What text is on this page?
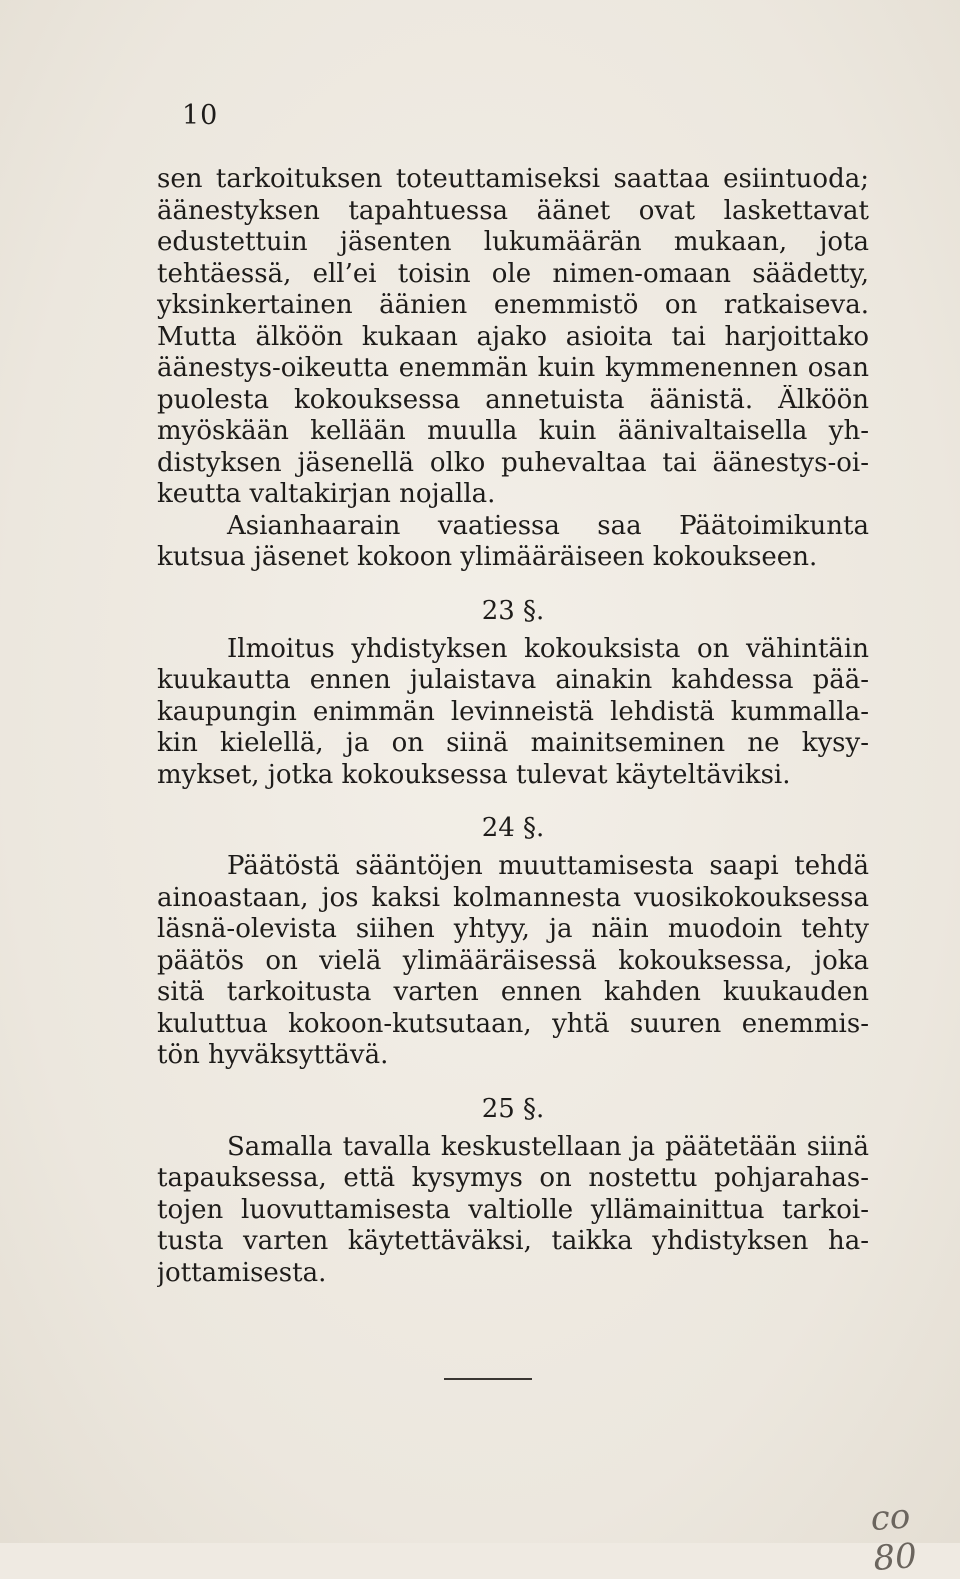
10
sen tarkoituksen toteuttamiseksi saattaa esiintuoda;
äänestyksen tapahtuessa äänet ovat laskettavat
edustettuin jäsenten lukumäärän mukaan, jota
tehtäessä, ell’ei toisin ole nimen-omaan säädetty,
yksinkertainen äänien enemmistö on ratkaiseva.
Mutta älköön kukaan ajako asioita tai harjoittako
äänestys-oikeutta enemmän kuin kymmenennen osan
puolesta kokouksessa annetuista äänistä. Älköön
myöskään kellään muulla kuin äänivaltaisella yh-
distyksen jäsenellä olko puhevaltaa tai äänestys-oi-
keutta valtakirjan nojalla.
Asianhaarain vaatiessa saa Päätoimikunta
kutsua jäsenet kokoon ylimääräiseen kokoukseen.
23 §.
Ilmoitus yhdistyksen kokouksista on vähintäin
kuukautta ennen julaistava ainakin kahdessa pää-
kaupungin enimmän levinneistä lehdistä kummalla-
kin kielellä, ja on siinä mainitseminen ne kysy-
mykset, jotka kokouksessa tulevat käyteltäviksi.
24 §.
Päätöstä sääntöjen muuttamisesta saapi tehdä
ainoastaan, jos kaksi kolmannesta vuosikokouksessa
läsnä-olevista siihen yhtyy, ja näin muodoin tehty
päätös on vielä ylimääräisessä kokouksessa, joka
sitä tarkoitusta varten ennen kahden kuukauden
kuluttua kokoon-kutsutaan, yhtä suuren enemmis-
tön hyväksyttävä.
25 §.
Samalla tavalla keskustellaan ja päätetään siinä
tapauksessa, että kysymys on nostettu pohjarahas-
tojen luovuttamisesta valtiolle yllämainittua tarkoi-
tusta varten käytettäväksi, taikka yhdistyksen ha-
jottamisesta.
co 80
